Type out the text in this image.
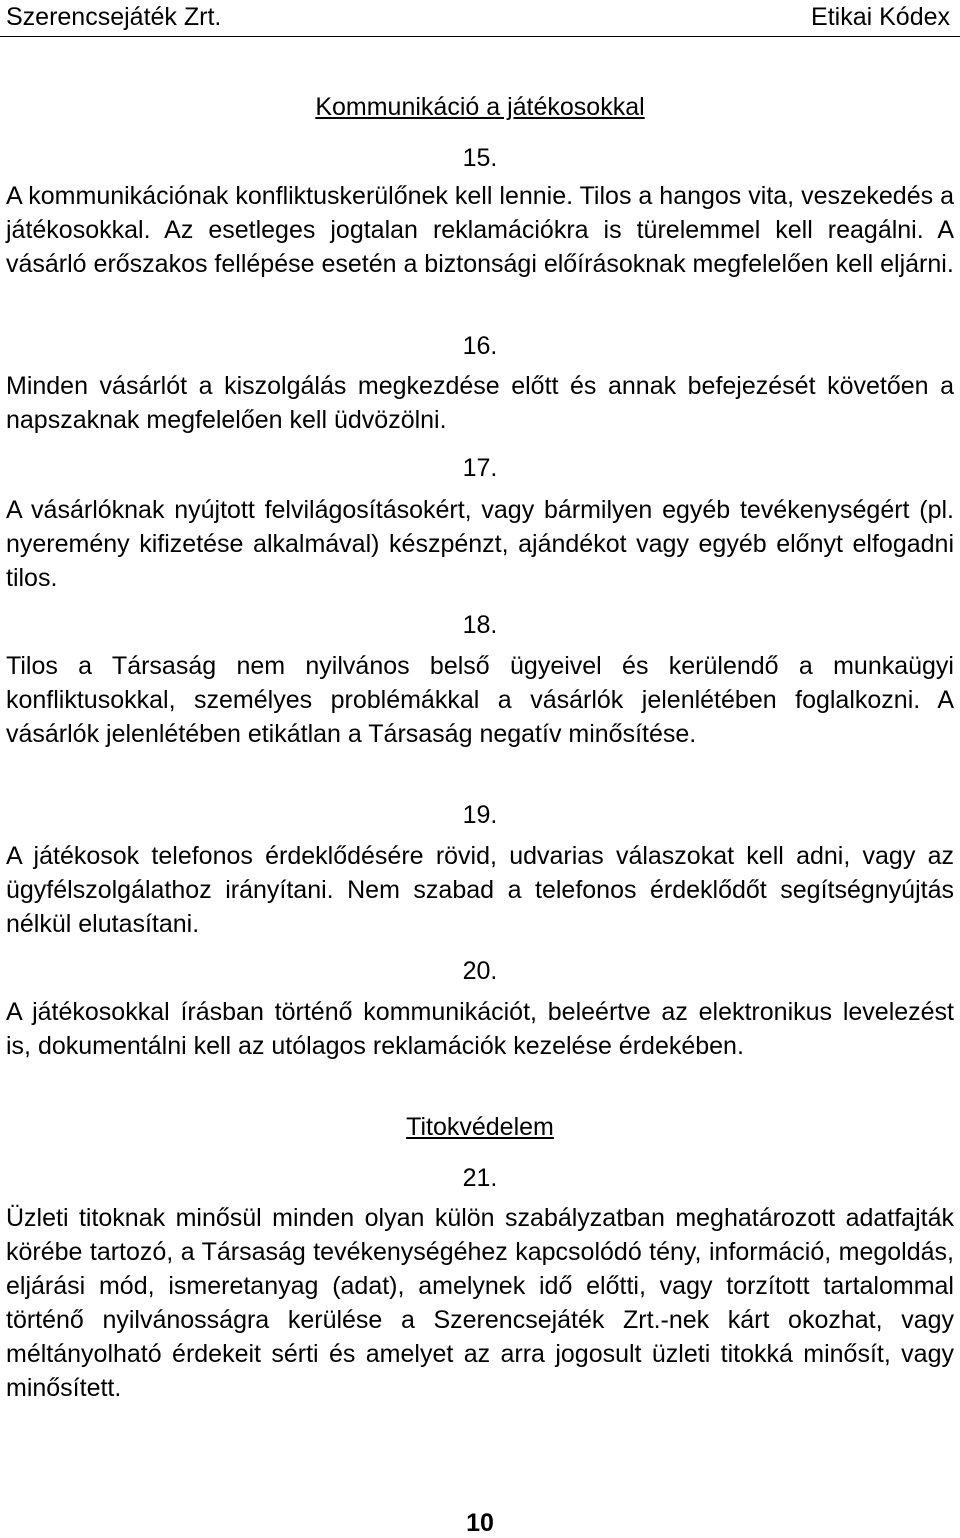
Szerencsejáték Zrt.	Etikai Kódex
Kommunikáció a játékosokkal
15.
A kommunikációnak konfliktuskerülőnek kell lennie. Tilos a hangos vita, veszekedés a játékosokkal. Az esetleges jogtalan reklamációkra is türelemmel kell reagálni. A vásárló erőszakos fellépése esetén a biztonsági előírásoknak megfelelően kell eljárni.
16.
Minden vásárlót a kiszolgálás megkezdése előtt és annak befejezését követően a napszaknak megfelelően kell üdvözölni.
17.
A vásárlóknak nyújtott felvilágosításokért, vagy bármilyen egyéb tevékenységért (pl. nyeremény kifizetése alkalmával) készpénzt, ajándékot vagy egyéb előnyt elfogadni tilos.
18.
Tilos a Társaság nem nyilvános belső ügyeivel és kerülendő a munkaügyi konfliktusokkal, személyes problémákkal a vásárlók jelenlétében foglalkozni. A vásárlók jelenlétében etikátlan a Társaság negatív minősítése.
19.
A játékosok telefonos érdeklődésére rövid, udvarias válaszokat kell adni, vagy az ügyfélszolgálathoz irányítani. Nem szabad a telefonos érdeklődőt segítségnyújtás nélkül elutasítani.
20.
A játékosokkal írásban történő kommunikációt, beleértve az elektronikus levelezést is, dokumentálni kell az utólagos reklamációk kezelése érdekében.
Titokvédelem
21.
Üzleti titoknak minősül minden olyan külön szabályzatban meghatározott adatfajták körébe tartozó, a Társaság tevékenységéhez kapcsolódó tény, információ, megoldás, eljárási mód, ismeretanyag (adat), amelynek idő előtti, vagy torzított tartalommal történő nyilvánosságra kerülése a Szerencsejáték Zrt.-nek kárt okozhat, vagy méltányolható érdekeit sérti és amelyet az arra jogosult üzleti titokká minősít, vagy minősített.
10
